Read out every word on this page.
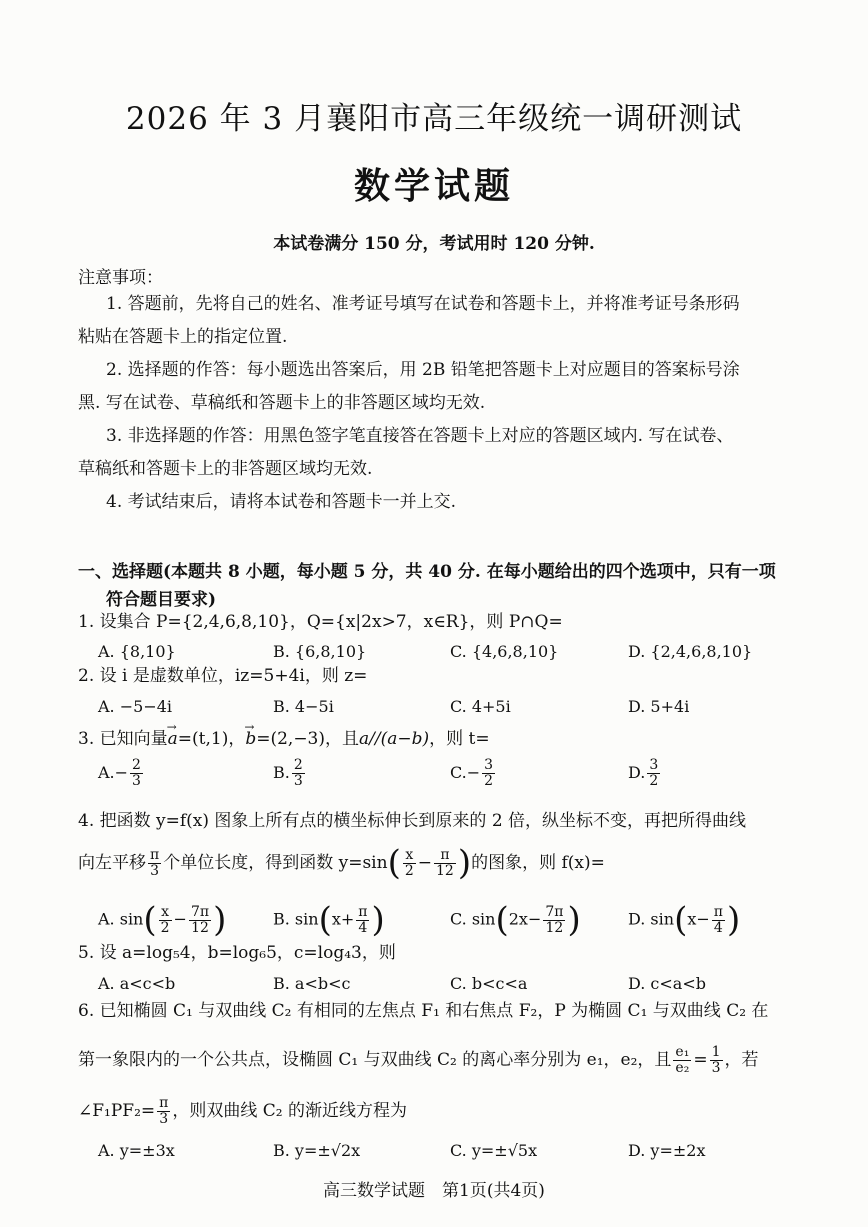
2026 年 3 月襄阳市高三年级统一调研测试
数学试题
本试卷满分 150 分，考试用时 120 分钟.
注意事项：
1. 答题前，先将自己的姓名、准考证号填写在试卷和答题卡上，并将准考证号条形码
粘贴在答题卡上的指定位置.
2. 选择题的作答：每小题选出答案后，用 2B 铅笔把答题卡上对应题目的答案标号涂
黑. 写在试卷、草稿纸和答题卡上的非答题区域均无效.
3. 非选择题的作答：用黑色签字笔直接答在答题卡上对应的答题区域内. 写在试卷、
草稿纸和答题卡上的非答题区域均无效.
4. 考试结束后，请将本试卷和答题卡一并上交.
一、选择题(本题共 8 小题，每小题 5 分，共 40 分. 在每小题给出的四个选项中，只有一项
符合题目要求)
1. 设集合 P={2,4,6,8,10}，Q={x|2x>7，x∈R}，则 P∩Q=
A. {8,10}	B. {6,8,10}	C. {4,6,8,10}	D. {2,4,6,8,10}
2. 设 i 是虚数单位，iz=5+4i，则 z=
A. −5−4i	B. 4−5i	C. 4+5i	D. 5+4i
3. 已知向量→ a=(t,1)，→ b=(2,−3)，且a//(a−b)，则 t=
$A.- \frac{2}{3}$	B. $\frac{2}{3}$	$C.- \frac{3}{2}$	D. $\frac{3}{2}$
4. 把函数 y=f(x) 图象上所有点的横坐标伸长到原来的 2 倍，纵坐标不变，再把所得曲线
向左平移 $\frac{\pi}{3}$ 个单位长度，得到函数 $y=\sin( \frac{x}{2} - \frac{\pi}{12}$ )的图象，则 f(x)=
A. $\sin( \frac{x}{2} - \frac{7\pi}{12}$ )	B. $\sin(x+ \frac{\pi}{4}$ )	C. $\sin(2x- \frac{7\pi}{12}$ )	D. $\sin(x- \frac{\pi}{4}$ )
5. 设 a=log₅4，b=log₆5，c=log₄3，则
A. a<c<b	B. a<b<c	C. b<c<a	D. c<a<b
6. 已知椭圆 C₁ 与双曲线 C₂ 有相同的左焦点 F₁ 和右焦点 F₂，P 为椭圆 C₁ 与双曲线 C₂ 在
第一象限内的一个公共点，设椭圆 C₁ 与双曲线 C₂ 的离心率分别为 e₁，e₂，且 $\frac{\text{e₁}}{\text{e₂}} = \frac{1}{3}$ ，若
∠F₁PF₂= $\frac{\pi}{3}$ ，则双曲线 C₂ 的渐近线方程为
A. y=±3x	B. y=±√2x	C. y=±√5x	D. y=±2x
高三数学试题　第1页(共4页)
